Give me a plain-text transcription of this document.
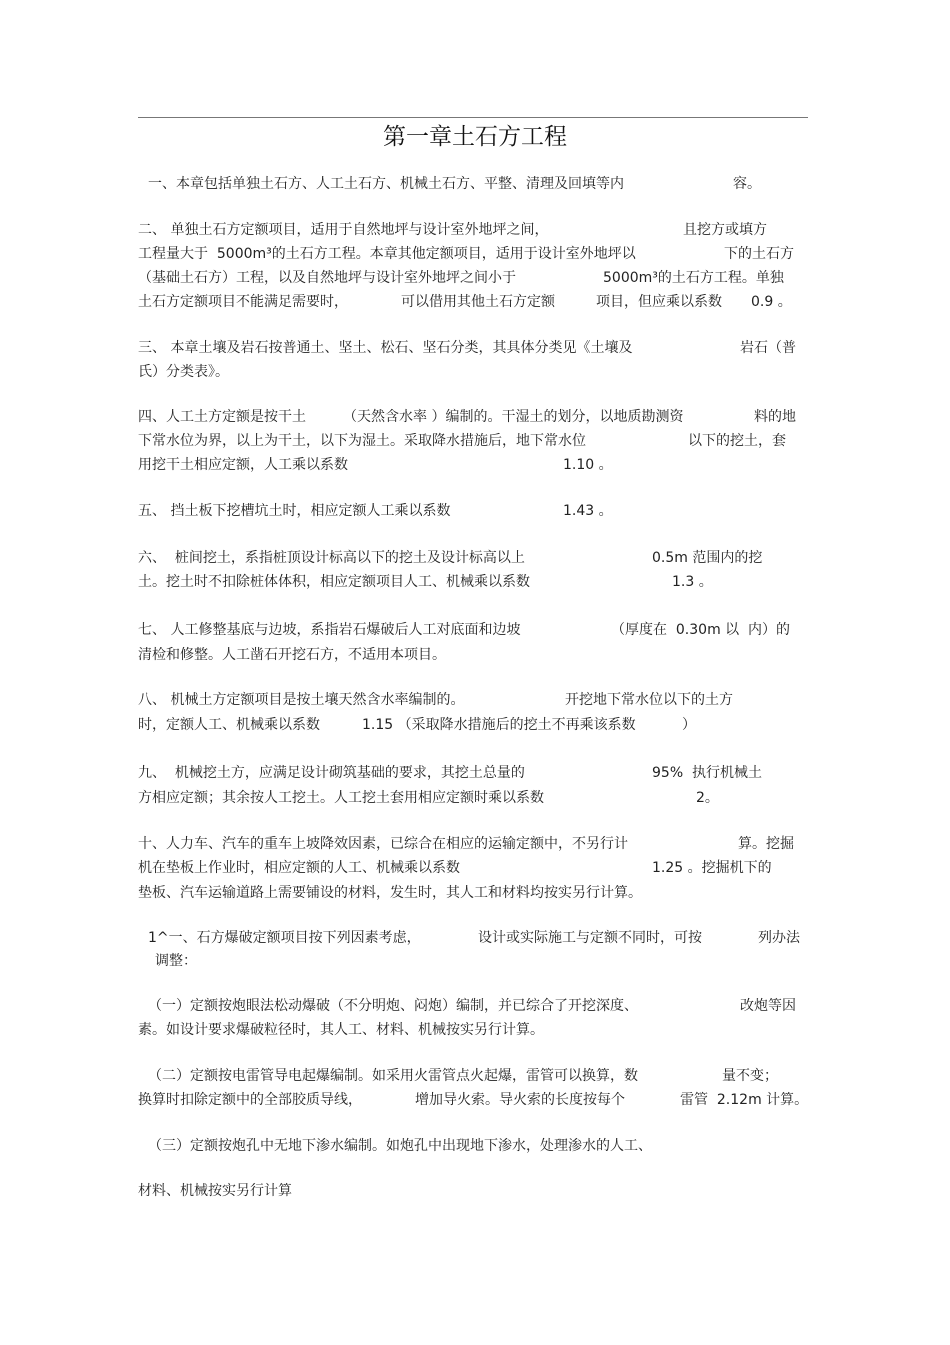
第一章土石方工程
一、本章包括单独土石方、人工土石方、机械土石方、平整、清理及回填等内	容。
二、 单独土石方定额项目，适用于自然地坪与设计室外地坪之间，	且挖方或填方
工程量大于  5000m³的土石方工程。本章其他定额项目，适用于设计室外地坪以	下的土石方
（基础土石方）工程，以及自然地坪与设计室外地坪之间小于	5000m³的土石方工程。单独
土石方定额项目不能满足需要时，	可以借用其他土石方定额	项目，但应乘以系数 0.9 。
三、 本章土壤及岩石按普通土、坚土、松石、坚石分类，其具体分类见《土壤及	岩石（普
氏）分类表》。
四、人工土方定额是按干土	（天然含水率 ）编制的。干湿土的划分，以地质勘测资	料的地
下常水位为界，以上为干土，以下为湿土。采取降水措施后，地下常水位	以下的挖土，套
用挖干土相应定额，人工乘以系数	1.10 。
五、 挡土板下挖槽坑土时，相应定额人工乘以系数	1.43 。
六、  桩间挖土，系指桩顶设计标高以下的挖土及设计标高以上	0.5m 范围内的挖
土。挖土时不扣除桩体体积，相应定额项目人工、机械乘以系数	1.3 。
七、 人工修整基底与边坡，系指岩石爆破后人工对底面和边坡	（厚度在  0.30m 以  内）的
清检和修整。人工凿石开挖石方，不适用本项目。
八、 机械土方定额项目是按土壤天然含水率编制的。	开挖地下常水位以下的土方
时，定额人工、机械乘以系数	1.15 （采取降水措施后的挖土不再乘该系数	）
九、  机械挖土方，应满足设计砌筑基础的要求，其挖土总量的	95%  执行机械土
方相应定额；其余按人工挖土。人工挖土套用相应定额时乘以系数	2。
十、人力车、汽车的重车上坡降效因素，已综合在相应的运输定额中，不另行计	算。挖掘
机在垫板上作业时，相应定额的人工、机械乘以系数	1.25 。挖掘机下的
垫板、汽车运输道路上需要铺设的材料，发生时，其人工和材料均按实另行计算。
1^一、石方爆破定额项目按下列因素考虑，	设计或实际施工与定额不同时，可按	列办法
调整：
（一）定额按炮眼法松动爆破（不分明炮、闷炮）编制，并已综合了开挖深度、	改炮等因
素。如设计要求爆破粒径时，其人工、材料、机械按实另行计算。
（二）定额按电雷管导电起爆编制。如采用火雷管点火起爆，雷管可以换算，数	量不变；
换算时扣除定额中的全部胶质导线，	增加导火索。导火索的长度按每个	雷管  2.12m 计算。
（三）定额按炮孔中无地下渗水编制。如炮孔中出现地下渗水，处理渗水的人工、
材料、机械按实另行计算
